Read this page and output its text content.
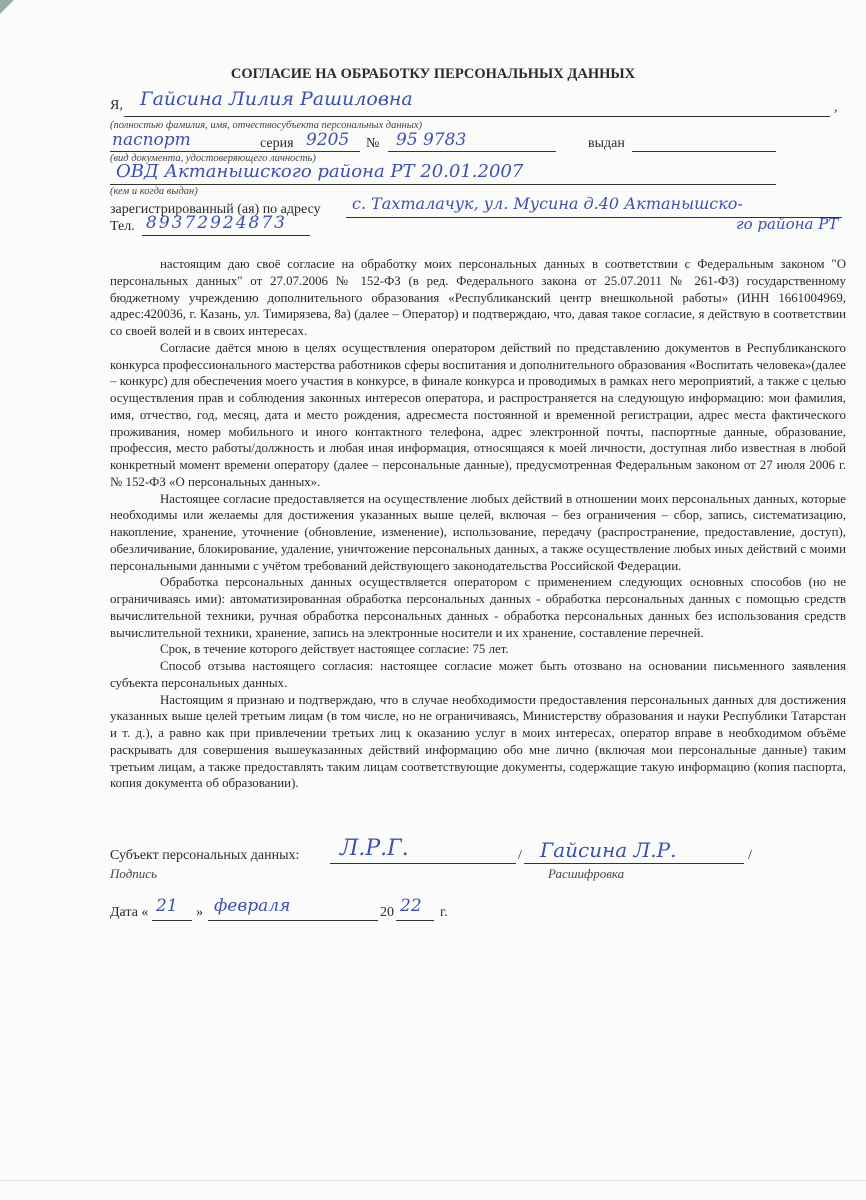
СОГЛАСИЕ НА ОБРАБОТКУ ПЕРСОНАЛЬНЫХ ДАННЫХ
Я, Гайсина Лилия Рашиловна	,
(полностью фамилия, имя, отчествосубъекта персональных данных)
паспорт	серия 9205 № 95 9783	выдан
(вид документа, удостоверяющего личность)
ОВД Актанышского района РТ 20.01.2007
(кем и когда выдан)
зарегистрированный (ая) по адресу с. Тахталачук, ул. Мусина д.40 Актанышско-
го района РТ
Тел. 89372924873

настоящим даю своё согласие на обработку моих персональных данных в соответствии с Федеральным законом "О персональных данных" от 27.07.2006 № 152-ФЗ (в ред. Федерального закона от 25.07.2011 № 261-ФЗ) государственному бюджетному учреждению дополнительного образования «Республиканский центр внешкольной работы» (ИНН 1661004969, адрес:420036, г. Казань, ул. Тимирязева, 8а) (далее – Оператор) и подтверждаю, что, давая такое согласие, я действую в соответствии со своей волей и в своих интересах.

Согласие даётся мною в целях осуществления оператором действий по представлению документов в Республиканского конкурса профессионального мастерства работников сферы воспитания и дополнительного образования «Воспитать человека»(далее – конкурс) для обеспечения моего участия в конкурсе, в финале конкурса и проводимых в рамках него мероприятий, а также с целью осуществления прав и соблюдения законных интересов оператора, и распространяется на следующую информацию: мои фамилия, имя, отчество, год, месяц, дата и место рождения, адресместа постоянной и временной регистрации, адрес места фактического проживания, номер мобильного и иного контактного телефона, адрес электронной почты, паспортные данные, образование, профессия, место работы/должность и любая иная информация, относящаяся к моей личности, доступная либо известная в любой конкретный момент времени оператору (далее – персональные данные), предусмотренная Федеральным законом от 27 июля 2006 г. № 152-ФЗ «О персональных данных».

Настоящее согласие предоставляется на осуществление любых действий в отношении моих персональных данных, которые необходимы или желаемы для достижения указанных выше целей, включая – без ограничения – сбор, запись, систематизацию, накопление, хранение, уточнение (обновление, изменение), использование, передачу (распространение, предоставление, доступ), обезличивание, блокирование, удаление, уничтожение персональных данных, а также осуществление любых иных действий с моими персональными данными с учётом требований действующего законодательства Российской Федерации.

Обработка персональных данных осуществляется оператором с применением следующих основных способов (но не ограничиваясь ими): автоматизированная обработка персональных данных - обработка персональных данных с помощью средств вычислительной техники, ручная обработка персональных данных - обработка персональных данных без использования средств вычислительной техники, хранение, запись на электронные носители и их хранение, составление перечней.

Срок, в течение которого действует настоящее согласие: 75 лет.

Способ отзыва настоящего согласия: настоящее согласие может быть отозвано на основании письменного заявления субъекта персональных данных.

Настоящим я признаю и подтверждаю, что в случае необходимости предоставления персональных данных для достижения указанных выше целей третьим лицам (в том числе, но не ограничиваясь, Министерству образования и науки Республики Татарстан и т. д.), а равно как при привлечении третьих лиц к оказанию услуг в моих интересах, оператор вправе в необходимом объёме раскрывать для совершения вышеуказанных действий информацию обо мне лично (включая мои персональные данные) таким третьим лицам, а также предоставлять таким лицам соответствующие документы, содержащие такую информацию (копия паспорта, копия документа об образовании).

Субъект персональных данных: Л.Р.Г.	/ Гайсина Л.Р.	/
Подпись	Расшифровка
Дата « 21 » февраля	20 22 г.
